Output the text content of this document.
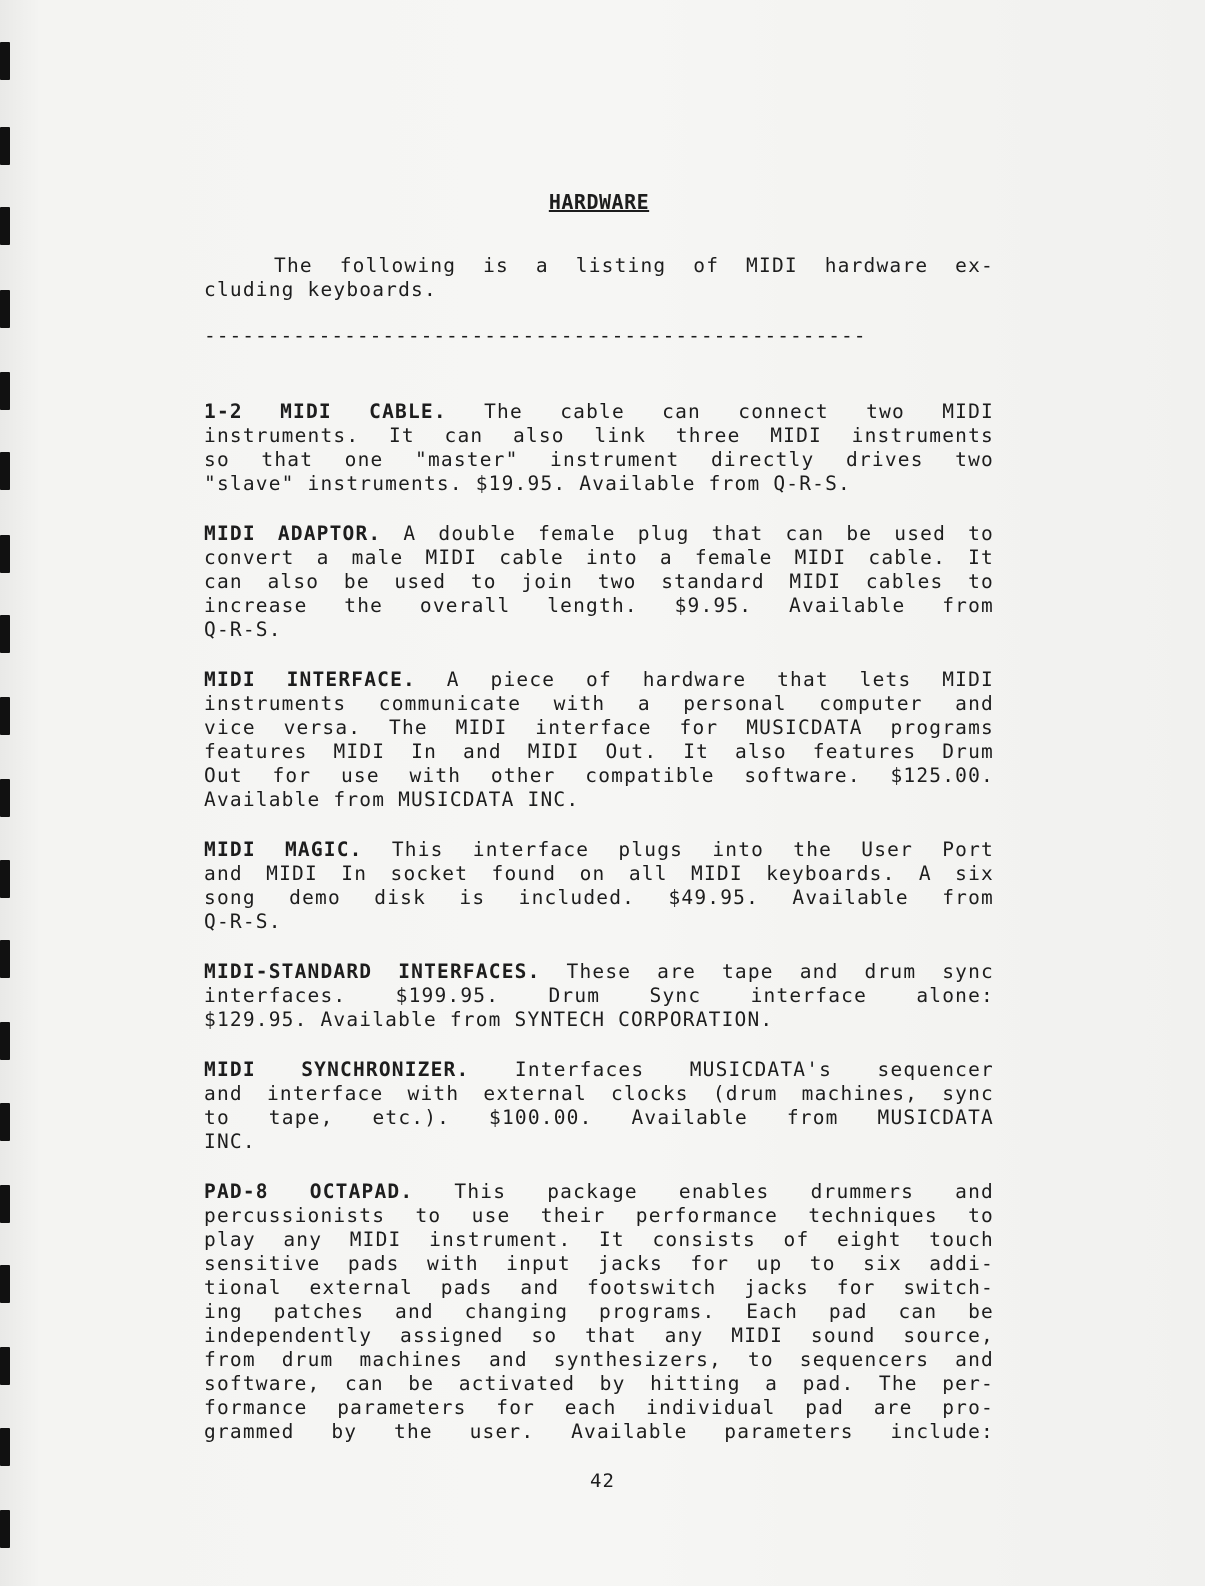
HARDWARE
The following is a listing of MIDI hardware ex-
cluding keyboards.
----------------------------------------------------
1-2 MIDI CABLE. The cable can connect two MIDI
instruments. It can also link three MIDI instruments
so that one "master" instrument directly drives two
"slave" instruments. $19.95. Available from Q-R-S.
MIDI ADAPTOR. A double female plug that can be used to
convert a male MIDI cable into a female MIDI cable. It
can also be used to join two standard MIDI cables to
increase the overall length. $9.95. Available from
Q-R-S.
MIDI INTERFACE. A piece of hardware that lets MIDI
instruments communicate with a personal computer and
vice versa. The MIDI interface for MUSICDATA programs
features MIDI In and MIDI Out. It also features Drum
Out for use with other compatible software. $125.00.
Available from MUSICDATA INC.
MIDI MAGIC. This interface plugs into the User Port
and MIDI In socket found on all MIDI keyboards. A six
song demo disk is included. $49.95. Available from
Q-R-S.
MIDI-STANDARD INTERFACES. These are tape and drum sync
interfaces. $199.95. Drum Sync interface alone:
$129.95. Available from SYNTECH CORPORATION.
MIDI SYNCHRONIZER. Interfaces MUSICDATA's sequencer
and interface with external clocks (drum machines, sync
to tape, etc.). $100.00. Available from MUSICDATA
INC.
PAD-8 OCTAPAD. This package enables drummers and
percussionists to use their performance techniques to
play any MIDI instrument. It consists of eight touch
sensitive pads with input jacks for up to six addi-
tional external pads and footswitch jacks for switch-
ing patches and changing programs. Each pad can be
independently assigned so that any MIDI sound source,
from drum machines and synthesizers, to sequencers and
software, can be activated by hitting a pad. The per-
formance parameters for each individual pad are pro-
grammed by the user. Available parameters include:
42
